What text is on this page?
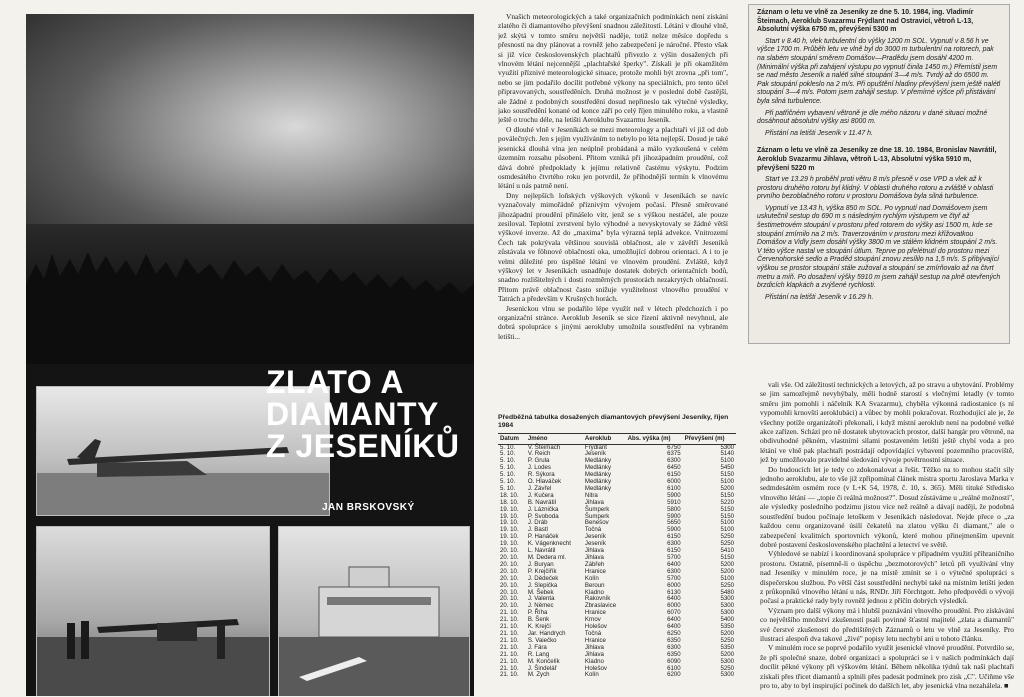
ZLATO A
DIAMANTY
Z JESENÍKŮ
JAN BRSKOVSKÝ

Vnašich meteorologických a také organizačních podmínkách není získání zlatého či diamantového převýšení snadnou záležitostí. Létání v dlouhé vlně, jež skýtá v tomto směru největší naděje, totiž nelze měsíce dopředu s přesností na dny plánovat a rovněž jeho zabezpečení je náročné. Přesto však si již více československých plachtařů přivezlo z výšin dosažených při vlnovém létání nejcennější „plachtařské šperky". Získali je při okamžitém využití příznivé meteorologické situace, protože mohli být zrovna „při tom", nebo se jim podařilo docílit potřebné výkony na speciálních, pro tento účel připravovaných, soustředěních. Druhá možnost je v poslední době častější, ale žádné z podobných soustředění dosud nepřineslo tak výtečné výsledky, jako soustředění konané od konce září po celý říjen minulého roku, a vlastně ještě o trochu déle, na letišti Aeroklubu Svazarmu Jeseník.

O dlouhé vlně v Jeseníkách se mezi meteorology a plachtaři ví již od dob poválečných. Jen s jejím využíváním to nebylo po léta nejlepší. Dosud je také jesenická dlouhá vlna jen neúplně probádaná a málo vyzkoušená v celém územním rozsahu působení. Přitom vzniká při jihozápadním proudění, což dává dobré předpoklady k jejímu relativně častému výskytu. Podzim osmdesátého čtvrtého roku jen potvrdil, že příhodnější termín k vlnovému létání u nás patrně není.

Dny nejlepších loňských výškových výkonů v Jeseníkách se navíc vyznačovaly mimořádně příznivým vývojem počasí. Přesně směrované jihozápadní proudění přinášelo vítr, jenž se s výškou nestáčel, ale pouze zesiloval. Teplotní zvrstvení bylo výhodné a nevyskytovaly se žádné větší výškové inverze. Až do „maxima" byla výrazná teplá advekce. Vnitrozemí Čech tak pokrývala většinou souvislá oblačnost, ale v závětří Jeseníků zůstávala ve föhnové oblačnosti oka, umožňující dobrou orientaci. A i to je velmi důležité pro úspěšné létání ve vlnovém proudění. Zvláště, když výškový let v Jeseníkách usnadňuje dostatek dobrých orientačních bodů, snadno rozlišitelných i dosti rozměrných prostorách nezakrytých oblačností. Přitom právě oblačnost často snižuje využitelnost vlnového proudění v Tatrách a především v Krušných horách.

Jesenickou vlnu se podařilo lépe využít než v létech předchozích i po organizační stránce. Aeroklub Jeseník se sice řízení aktivně nevyhnul, ale dobrá spolupráce s jinými aerokluby umožnila soustředění na vybraném letišti...

Záznam o letu ve vlně za Jeseníky ze dne 5. 10. 1984, ing. Vladimír Šteimach, Aeroklub Svazarmu Frýdlant nad Ostravicí, větroň L-13, Absolutní výška 6750 m, převýšení 5300 m
Start v 8.40 h, vlek turbulentní do výšky 1200 m SOL. Vypnutí v 8.56 h ve výšce 1700 m. Průběh letu ve vlně byl do 3000 m turbulentní na rotorech, pak na slabém stoupání směrem Domášov—Pradědu jsem dosáhl 4200 m. (Minimální výška při zahájení výstupu po vypnutí činila 1450 m.) Přemístil jsem se nad město Jeseník a nalétl silné stoupání 3—4 m/s. Tvrdý až do 6500 m. Pak stoupání pokleslo na 2 m/s. Při opuštění hladiny převýšení jsem ještě nalétl stoupání 3—4 m/s. Potom jsem zahájil sestup. V přemírné výšce při přistávání byla silná turbulence.
Při patřičném vybavení větroně je dle mého názoru v dané situaci možné dosáhnout absolutní výšky asi 8000 m.
Přistání na letišti Jeseník v 11.47 h.
Záznam o letu ve vlně za Jeseníky ze dne 18. 10. 1984, Bronislav Navrátil, Aeroklub Svazarmu Jihlava, větroň L-13, Absolutní výška 5910 m, převýšení 5220 m
Start ve 13.29 h proběhl proti větru 8 m/s přesně v ose VPD a vlek až k prostoru druhého rotoru byl klidný. V oblasti druhého rotoru a zvláště v oblasti prvního bezoblačného rotoru v prostoru Domášova byla silná turbulence.
Vypnutí ve 13.43 h, výška 850 m SOL. Po vypnutí nad Domášovem jsem uskutečnil sestup do 690 m s následným rychlým výstupem ve čtyř až šestimetrovém stoupání v prostoru před rotorem do výšky asi 1500 m, kde se stoupání zmírnilo na 2 m/s. Traverzováním v prostoru mezi křížovatkou Domášov a Vidly jsem dosáhl výšky 3800 m ve stálém klidném stoupání 2 m/s. V této výšce nastal ve stoupání útlum. Teprve po přelétnutí do prostoru mezi Červenohorské sedlo a Praděd stoupání znovu zesílilo na 1,5 m/s. S přibývající výškou se prostor stoupání stále zužoval a stoupání se zmírňovalo až na čtvrt metru a míň. Po dosažení výšky 5910 m jsem zahájil sestup na plně otevřených brzdicích klapkách a zvýšené rychlosti.
Přistání na letišti Jeseník v 16.29 h.
Předběžná tabulka dosažených diamantových převýšení Jeseníky, říjen 1984
Datum	Jméno	Aeroklub	Abs. výška (m)	Převýšení (m)
5. 10.	V. Šteimach	Frýdlant	6750	5300
5. 10.	V. Reich	Jeseník	6375	5140
5. 10.	P. Grula	Medlánky	6300	5100
5. 10.	J. Lodes	Medlánky	6450	5450
5. 10.	R. Sýkora	Medlánky	6150	5150
5. 10.	O. Hlaváček	Medlánky	6000	5100
5. 10.	J. Závřel	Medlánky	6100	5200
18. 10.	J. Kučera	Nitra	5900	5150
18. 10.	B. Navrátil	Jihlava	5910	5220
19. 10.	J. Láznička	Šumperk	5800	5150
19. 10.	P. Svoboda	Šumperk	5900	5150
19. 10.	J. Dráb	Benešov	5650	5100
19. 10.	J. Bastl	Točná	5900	5100
19. 10.	P. Hanáček	Jeseník	6150	5250
19. 10.	K. Vágenknecht	Jeseník	6300	5250
20. 10.	L. Navrátil	Jihlava	6150	5410
20. 10.	M. Dedera ml.	Jihlava	5700	5150
20. 10.	J. Buryan	Zábřeh	6400	5200
20. 10.	P. Krejčiřík	Hranice	6300	5200
20. 10.	J. Dědeček	Kolín	5700	5100
20. 10.	J. Slepička	Beroun	6000	5250
20. 10.	M. Šebek	Kladno	6130	5480
20. 10.	J. Valenta	Rakovník	6400	5300
20. 10.	J. Němec	Zbraslavice	6000	5300
21. 10.	P. Říha	Hranice	6070	5300
21. 10.	B. Šenk	Krnov	6400	5400
21. 10.	K. Krejčí	Holešov	6400	5350
21. 10.	Jar. Handrych	Točná	6250	5200
21. 10.	S. Vaiečko	Hranice	6350	5250
21. 10.	J. Fára	Jihlava	6300	5350
21. 10.	R. Lang	Jihlava	6350	5200
21. 10.	M. Končelík	Kladno	6090	5300
21. 10.	J. Šindelář	Holešov	6100	5250
21. 10.	M. Zych	Kolín	6200	5300

vali vše. Od záležitostí technických a letových, až po stravu a ubytování. Problémy se jim samozřejmě nevyhýbaly, měli hodně starostí s vlečnými letadly (v tomto směru jim pomohli i náčelník KA Svazarmu), chyběla výkonná radiostanice (s ní vypomohli krnovští aeroklubáci) a vůbec by mohli pokračovat. Rozhodující ale je, že všechny potíže organizátoři překonali, i když místní aeroklub není na podobné velké akce zařízen. Schází pro ně dostatek ubytovacích prostor, další hangár pro větroně, na obdivuhodné pěkném, vlastními silami postaveném letišti ještě chybí voda a pro létání ve vlně pak plachtaři postrádají odpovídající vybavení pozemního pracoviště, jež by umožňovalo pravidelné sledování vývoje povětrnostní situace.

Do budoucích let je tedy co zdokonalovat a řešit. Těžko na to mohou stačit síly jednoho aeroklubu, ale to vše již zpřipomínal článek mistra sportu Jaroslava Marka v sedmdesátém osmém roce (v L+K 54, 1978, č. 10, s. 365). Měli tituké Středisko vlnového létání — „topie či reálná možnost?". Dosud zůstáváme u „reálné možnosti", ale výsledky posledního podzimu jistou více než reálně a dávají naději, že podobná soustředění budou počínaje letoškem v Jeseníkách následovat. Nejde přece o „za každou cenu organizované úsilí čekatelů na zlatou výšku či diamant," ale o zabezpečení kvalitních sportovních výkonů, které mohou přinejmenším upevnit dobré postavení československého plachtění a letectví ve světě.

Výhledové se nabízí i koordinovaná spolupráce v případném využití příhraničního prostoru. Ostatně, písemně-li o úspěchu „bezmotorových" letců při využívání vlny nad Jeseníky v minulém roce, je na místě zmínit se i o výtečné spolupráci s dispečerskou službou. Po větší část soustředění nechybí také na místním letišti jeden z průkopníků vlnového létání u nás, RNDr. Jiří Förchtgott. Jeho předpovědi o vývoji počasí a praktické rady byly rovněž jednou z příčin dobrých výsledků.

Význam pro další výkony má i hlubší poznávání vlnového proudění. Pro získávání co největšího množství zkušeností psali povinné šťastní majitelé „zlata a diamantů" své čerstvé zkušenosti do předtištěných Záznamů o letu ve vlně za Jeseníky. Pro ilustraci alespoň dva takové „živé" popisy letu nechybí ani u tohoto článku.

V minulém roce se poprvé podařilo využít jesenické vlnové proudění. Potvrdilo se, že při společné snaze, dobré organizaci a spolupráci se i v našich podmínkách dají docílit pěkné výkony při výškovém létání. Během několika týdnů tak naši plachtaři získali přes třicet diamantů a splnili přes padesát podmínek pro zisk „C". Učiňme vše pro to, aby to byl inspirující počinek do dalších let, aby jesenická vlna nezahálela. ■
